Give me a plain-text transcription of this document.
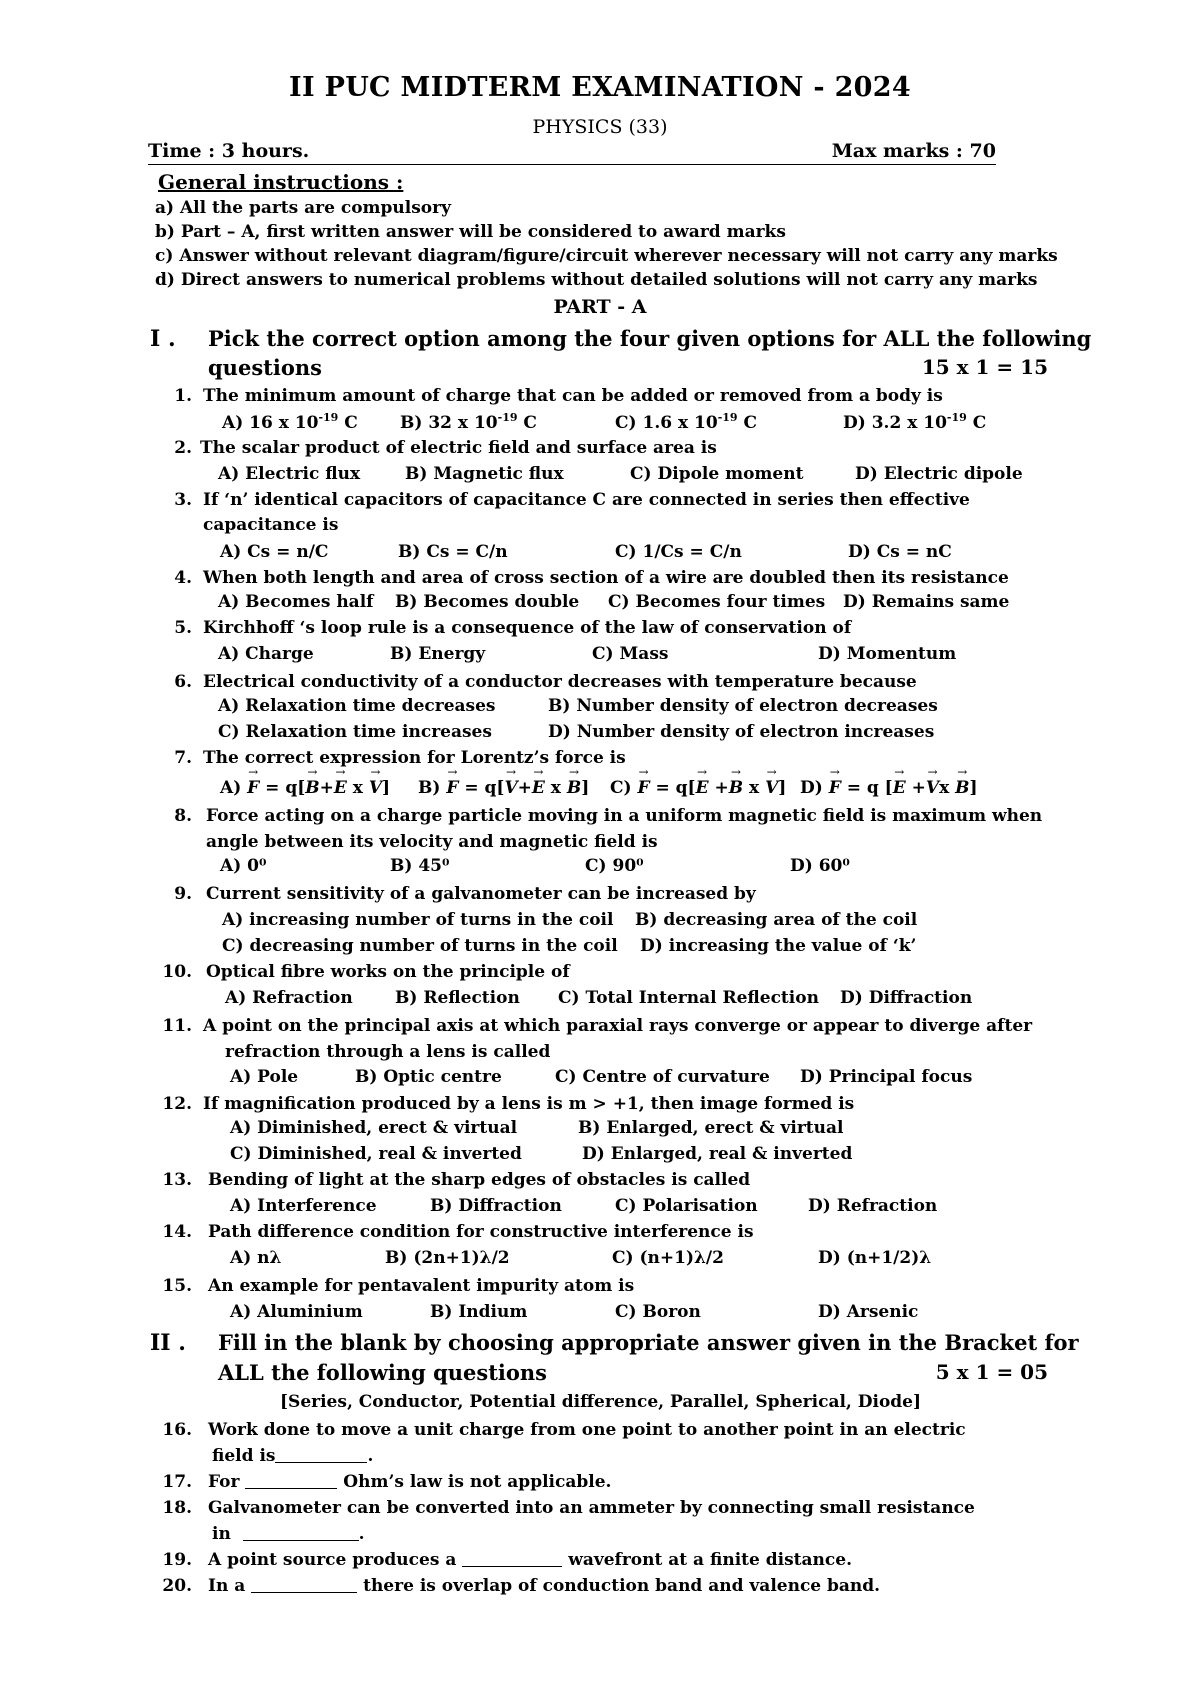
II PUC MIDTERM EXAMINATION - 2024
PHYSICS (33)
Time : 3 hours.	Max marks : 70
General instructions :
a) All the parts are compulsory
b) Part – A, first written answer will be considered to award marks
c) Answer without relevant diagram/figure/circuit wherever necessary will not carry any marks
d) Direct answers to numerical problems without detailed solutions will not carry any marks
PART - A
I . Pick the correct option among the four given options for ALL the following
questions	15 x 1 = 15
1. The minimum amount of charge that can be added or removed from a body is
A) 16 x $10^{-19}$ C B) 32 x $10^{-19}$ C	C) 1.6 x $10^{-19}$ C	D) 3.2 x $10^{-19}$ C
2. The scalar product of electric field and surface area is
A) Electric flux	B) Magnetic flux	C) Dipole moment	D) Electric dipole
3. If ‘n’ identical capacitors of capacitance C are connected in series then effective
capacitance is
A) Cs = n/C	B) Cs = C/n	C) 1/Cs = C/n	D) Cs = nC
4. When both length and area of cross section of a wire are doubled then its resistance
A) Becomes half B) Becomes double C) Becomes four times D) Remains same
5. Kirchhoff ‘s loop rule is a consequence of the law of conservation of
A) Charge	B) Energy	C) Mass	D) Momentum
6. Electrical conductivity of a conductor decreases with temperature because
A) Relaxation time decreases	B) Number density of electron decreases
C) Relaxation time increases	D) Number density of electron increases
7. The correct expression for Lorentz’s force is
A) → F = q[→ B+→ E x → V] B) → F = q[→ V+→ E x → B] C) → F = q[→ E +→ B x → V] D) → F = q [→ E +→ Vx → B]
8. Force acting on a charge particle moving in a uniform magnetic field is maximum when
angle between its velocity and magnetic field is
A) 0⁰	B) 45⁰	C) 90⁰	D) 60⁰
9. Current sensitivity of a galvanometer can be increased by
A) increasing number of turns in the coil B) decreasing area of the coil
C) decreasing number of turns in the coil D) increasing the value of ‘k’
10. Optical fibre works on the principle of
A) Refraction B) Reflection C) Total Internal Reflection D) Diffraction
11. A point on the principal axis at which paraxial rays converge or appear to diverge after
refraction through a lens is called
A) Pole	B) Optic centre	C) Centre of curvature D) Principal focus
12. If magnification produced by a lens is m > +1, then image formed is
A) Diminished, erect & virtual	B) Enlarged, erect & virtual
C) Diminished, real & inverted	D) Enlarged, real & inverted
13. Bending of light at the sharp edges of obstacles is called
A) Interference	B) Diffraction	C) Polarisation	D) Refraction
14. Path difference condition for constructive interference is
A) nλ	B) (2n+1)λ/2	C) (n+1)λ/2	D) (n+1/2)λ
15. An example for pentavalent impurity atom is
A) Aluminium	B) Indium	C) Boron	D) Arsenic
II . Fill in the blank by choosing appropriate answer given in the Bracket for
ALL the following questions	5 x 1 = 05
[Series, Conductor, Potential difference, Parallel, Spherical, Diode]
16. Work done to move a unit charge from one point to another point in an electric
field is	.
17. For	Ohm’s law is not applicable.
18. Galvanometer can be converted into an ammeter by connecting small resistance
in	.
19. A point source produces a	wavefront at a finite distance.
20. In a	there is overlap of conduction band and valence band.
